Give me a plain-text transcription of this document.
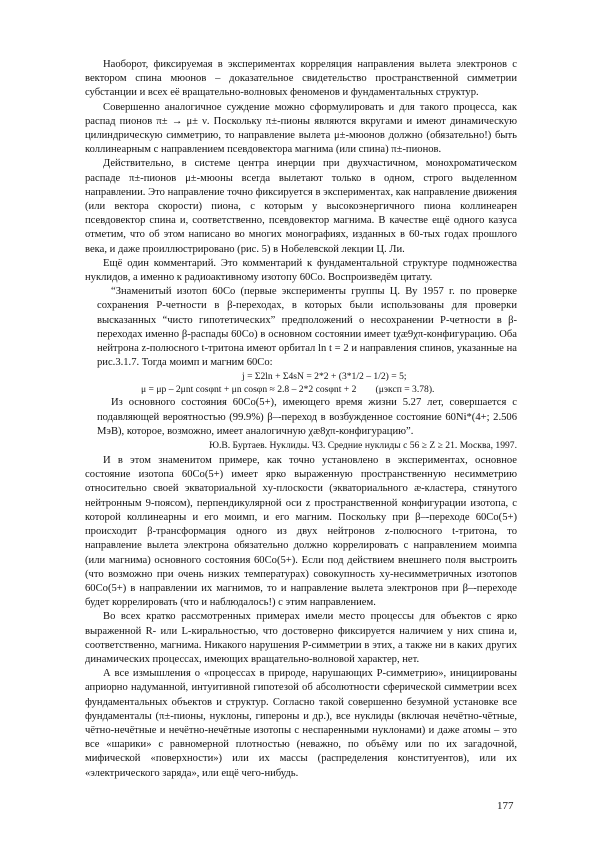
Наоборот, фиксируемая в экспериментах корреляция направления вылета электронов с вектором спина мюонов – доказательное свидетельство пространственной симметрии субстанции и всех её вращательно-волновых феноменов и фундаментальных структур.

Совершенно аналогичное суждение можно сформулировать и для такого процесса, как распад пионов π± → μ± ν. Поскольку π±-пионы являются вкругами и имеют динамическую цилиндрическую симметрию, то направление вылета μ±-мюонов должно (обязательно!) быть коллинеарным с направлением псевдовектора магнима (или спина) π±-пионов.

Действительно, в системе центра инерции при двухчастичном, монохроматическом распаде π±-пионов μ±-мюоны всегда вылетают только в одном, строго выделенном направлении. Это направление точно фиксируется в экспериментах, как направление движения (или вектора скорости) пиона, с которым у высокоэнергичного пиона коллинеарен псевдовектор спина и, соответственно, псевдовектор магнима. В качестве ещё одного казуса отметим, что об этом написано во многих монографиях, изданных в 60-тых годах прошлого века, и даже проиллюстрировано (рис. 5) в Нобелевской лекции Ц. Ли.

Ещё один комментарий. Это комментарий к фундаментальной структуре подмножества нуклидов, а именно к радиоактивному изотопу 60Co. Воспроизведём цитату.

“Знаменитый изотоп 60Co (первые эксперименты группы Ц. Ву 1957 г. по проверке сохранения P-четности в β-переходах, в которых были использованы для проверки высказанных “чисто гипотетических” предположений о несохранении P-четности в β-переходах именно β-распады 60Co) в основном состоянии имеет tχæ9χπ-конфигурацию. Оба нейтрона z-полюсного t-тритона имеют орбитал ln t = 2 и направления спинов, указанные на рис.3.1.7. Тогда моимп и магним 60Co:

j = Σ2ln + Σ4sN = 2*2 + (3*1/2 – 1/2) = 5;

μ = μp – 2μnt cosφnt + μn cosφn ≈ 2.8 – 2*2 cosφnt + 2        (μэксп = 3.78).

Из основного состояния 60Co(5+), имеющего время жизни 5.27 лет, совершается с подавляющей вероятностью (99.9%) β–-переход в возбужденное состояние 60Ni*(4+; 2.506 МэВ), которое, возможно, имеет аналогичную χæ8χπ-конфигурацию”.

Ю.В. Буртаев. Нуклиды. Ч3. Средние нуклиды с 56 ≥ Z ≥ 21. Москва, 1997.

И в этом знаменитом примере, как точно установлено в экспериментах, основное состояние изотопа 60Co(5+) имеет ярко выраженную пространственную несимметрию относительно своей экваториальной xy-плоскости (экваториального æ-кластера, стянутого нейтронным 9-поясом), перпендикулярной оси z пространственной конфигурации изотопа, с которой коллинеарны и его моимп, и его магним. Поскольку при β–-переходе 60Co(5+) происходит β-трансформация одного из двух нейтронов z-полюсного t-тритона, то направление вылета электрона обязательно должно коррелировать с направлением моимпа (или магнима) основного состояния 60Co(5+). Если под действием внешнего поля выстроить (что возможно при очень низких температурах) совокупность xy-несимметричных изотопов 60Co(5+) в направлении их магнимов, то и направление вылета электронов при β–-переходе будет коррелировать (что и наблюдалось!) с этим направлением.

Во всех кратко рассмотренных примерах имели место процессы для объектов с ярко выраженной R- или L-киральностью, что достоверно фиксируется наличием у них спина и, соответственно, магнима. Никакого нарушения P-симметрии в этих, а также ни в каких других динамических процессах, имеющих вращательно-волновой характер, нет.

А все измышления о «процессах в природе, нарушающих P-симметрию», инициированы априорно надуманной, интуитивной гипотезой об абсолютности сферической симметрии всех фундаментальных объектов и структур. Согласно такой совершенно безумной установке все фундаменталы (π±-пионы, нуклоны, гипероны и др.), все нуклиды (включая нечётно-чётные, чётно-нечётные и нечётно-нечётные изотопы с неспаренными нуклонами) и даже атомы – это все «шарики» с равномерной плотностью (неважно, по объёму или по их загадочной, мифической «поверхности») или их массы (распределения конституентов), или их «электрического заряда», или ещё чего-нибудь.

177
